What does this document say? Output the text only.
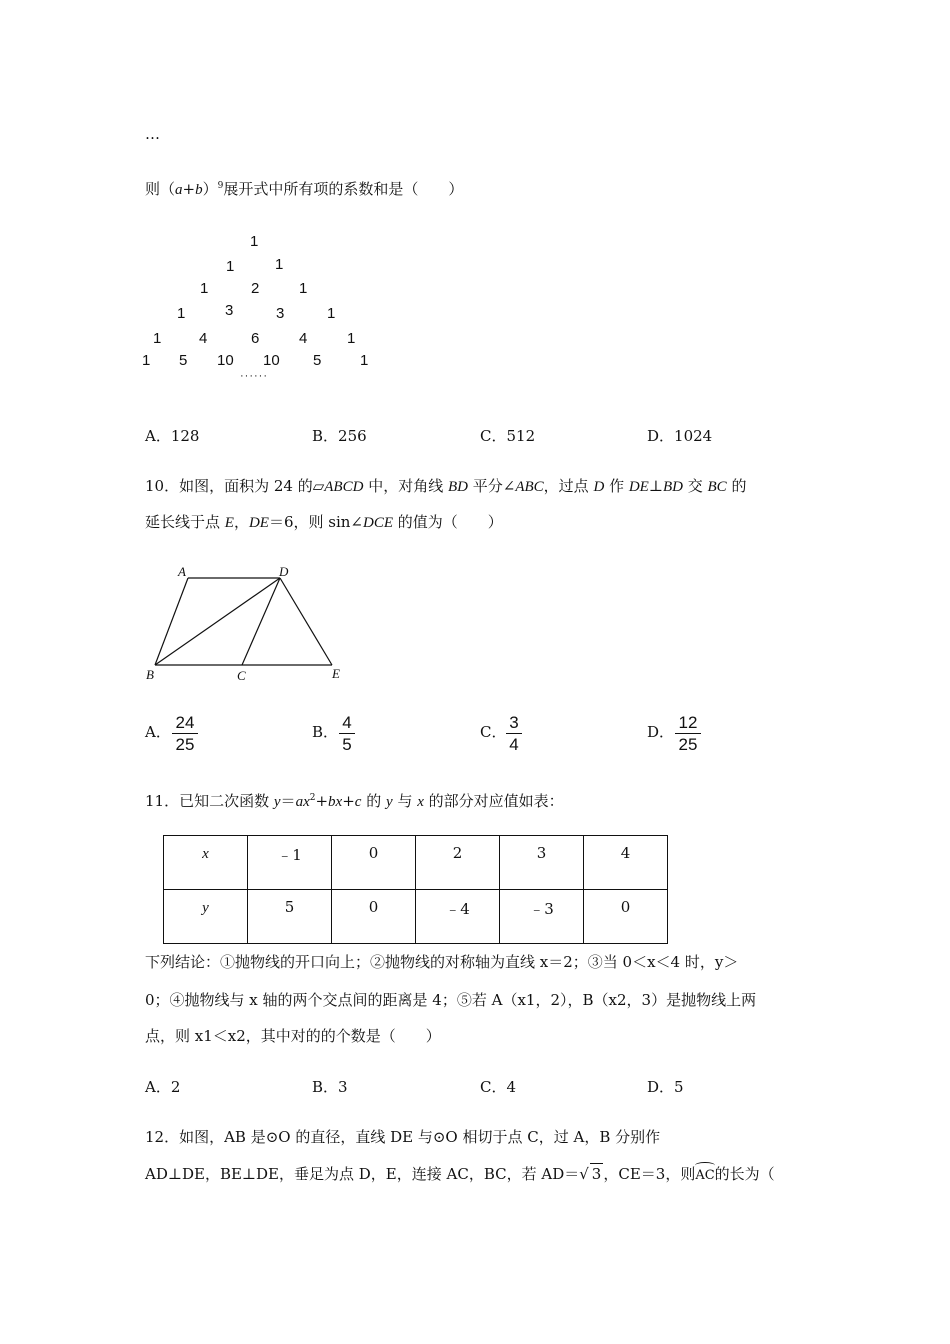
…
则$(a+b)^9$展开式中所有项的系数和是（　　）
1
1	1
1	2	1
1	3	3	1
1	4	6	4	1
1 5 10 10 5	1
······
A．128	B．256	C．512	D．1024
10．如图，面积为 24 的▱ABCD 中，对角线 BD 平分∠ABC，过点 D 作 DE⊥BD 交 BC 的
延长线于点 E，DE＝6，则 sin∠DCE 的值为（　　）
A	D
B	C	E
A． 24
25
B． 4
5
C． 3
4
D． 12
25
11．已知二次函数 $y=ax^2+bx+c$ 的 y 与 x 的部分对应值如表：
x	﹣1	0	2	3	4
y	5	0	﹣4	﹣3	0
下列结论：①抛物线的开口向上；②抛物线的对称轴为直线 x＝2；③当 0＜x＜4 时，y＞
0；④抛物线与 x 轴的两个交点间的距离是 4；⑤若 A（x1，2），B（x2，3）是抛物线上两
点，则 x1＜x2，其中对的的个数是（　　）
A．2	B．3	C．4	D．5
12．如图，AB 是⊙O 的直径，直线 DE 与⊙O 相切于点 C，过 A，B 分别作
AD⊥DE，BE⊥DE，垂足为点 D，E，连接 AC，BC，若 AD＝√ 3 ，CE＝3，则AC的长为（
